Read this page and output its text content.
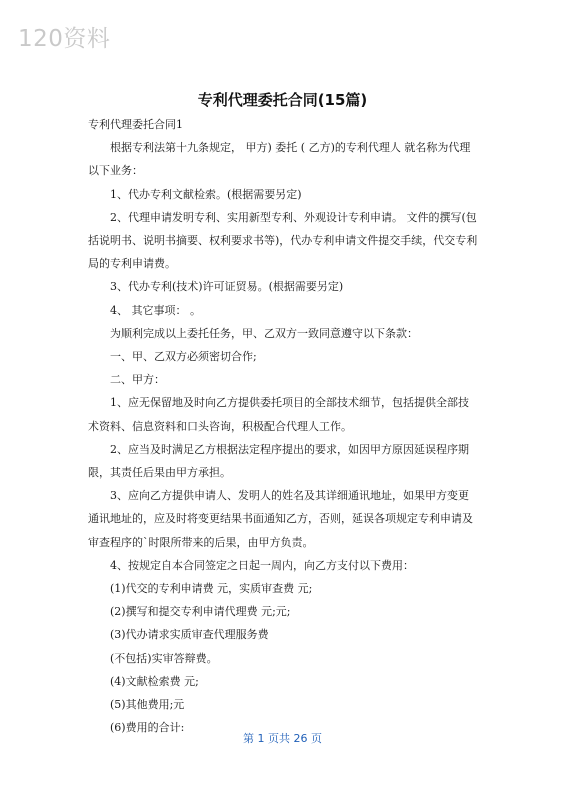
120资料
专利代理委托合同(15篇)

专利代理委托合同1

根据专利法第十九条规定， 甲方) 委托 ( 乙方)的专利代理人 就名称为代理以下业务：

1、代办专利文献检索。(根据需要另定)

2、代理申请发明专利、实用新型专利、外观设计专利申请。 文件的撰写(包括说明书、说明书摘要、权利要求书等)，代办专利申请文件提交手续，代交专利局的专利申请费。

3、代办专利(技术)许可证贸易。(根据需要另定)

4、 其它事项： 。

为顺利完成以上委托任务，甲、乙双方一致同意遵守以下条款：

一、甲、乙双方必须密切合作;

二、甲方：

1、应无保留地及时向乙方提供委托项目的全部技术细节，包括提供全部技术资料、信息资料和口头咨询，积极配合代理人工作。

2、应当及时满足乙方根据法定程序提出的要求，如因甲方原因延误程序期限，其责任后果由甲方承担。

3、应向乙方提供申请人、发明人的姓名及其详细通讯地址，如果甲方变更通讯地址的，应及时将变更结果书面通知乙方，否则，延误各项规定专利申请及审查程序的`时限所带来的后果，由甲方负责。

4、按规定自本合同签定之日起一周内，向乙方支付以下费用：

(1)代交的专利申请费 元，实质审查费 元;

(2)撰写和提交专利申请代理费 元;元;

(3)代办请求实质审查代理服务费

(不包括)实审答辩费。

(4)文献检索费 元;

(5)其他费用;元

(6)费用的合计:

第 1 页共 26 页
